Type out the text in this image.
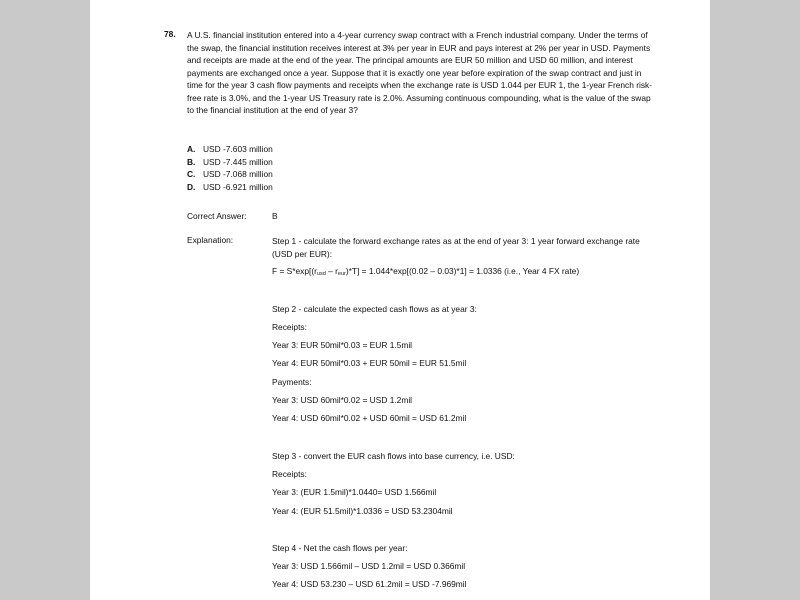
78. A U.S. financial institution entered into a 4-year currency swap contract with a French industrial company. Under the terms of the swap, the financial institution receives interest at 3% per year in EUR and pays interest at 2% per year in USD. Payments and receipts are made at the end of the year. The principal amounts are EUR 50 million and USD 60 million, and interest payments are exchanged once a year. Suppose that it is exactly one year before expiration of the swap contract and just in time for the year 3 cash flow payments and receipts when the exchange rate is USD 1.044 per EUR 1, the 1-year French risk-free rate is 3.0%, and the 1-year US Treasury rate is 2.0%. Assuming continuous compounding, what is the value of the swap to the financial institution at the end of year 3?
A. USD -7.603 million
B. USD -7.445 million
C. USD -7.068 million
D. USD -6.921 million
Correct Answer:	B
Explanation:	Step 1 - calculate the forward exchange rates as at the end of year 3: 1 year forward exchange rate (USD per EUR):

$F = S*\exp[(r_{usd} - r_{eur})*T] = 1.044*\exp[(0.02 - 0.03)*1] = 1.0336$ (i.e., Year 4 FX rate)
Step 2 - calculate the expected cash flows as at year 3:
Receipts:
Year 3: EUR 50mil*0.03 = EUR 1.5mil
Year 4: EUR 50mil*0.03 + EUR 50mil = EUR 51.5mil
Payments:
Year 3: USD 60mil*0.02 = USD 1.2mil
Year 4: USD 60mil*0.02 + USD 60mil = USD 61.2mil
Step 3 - convert the EUR cash flows into base currency, i.e. USD:
Receipts:
Year 3: (EUR 1.5mil)*1.0440= USD 1.566mil
Year 4: (EUR 51.5mil)*1.0336 = USD 53.2304mil
Step 4 - Net the cash flows per year:
Year 3: USD 1.566mil – USD 1.2mil = USD 0.366mil
Year 4: USD 53.230 – USD 61.2mil = USD -7.969mil
